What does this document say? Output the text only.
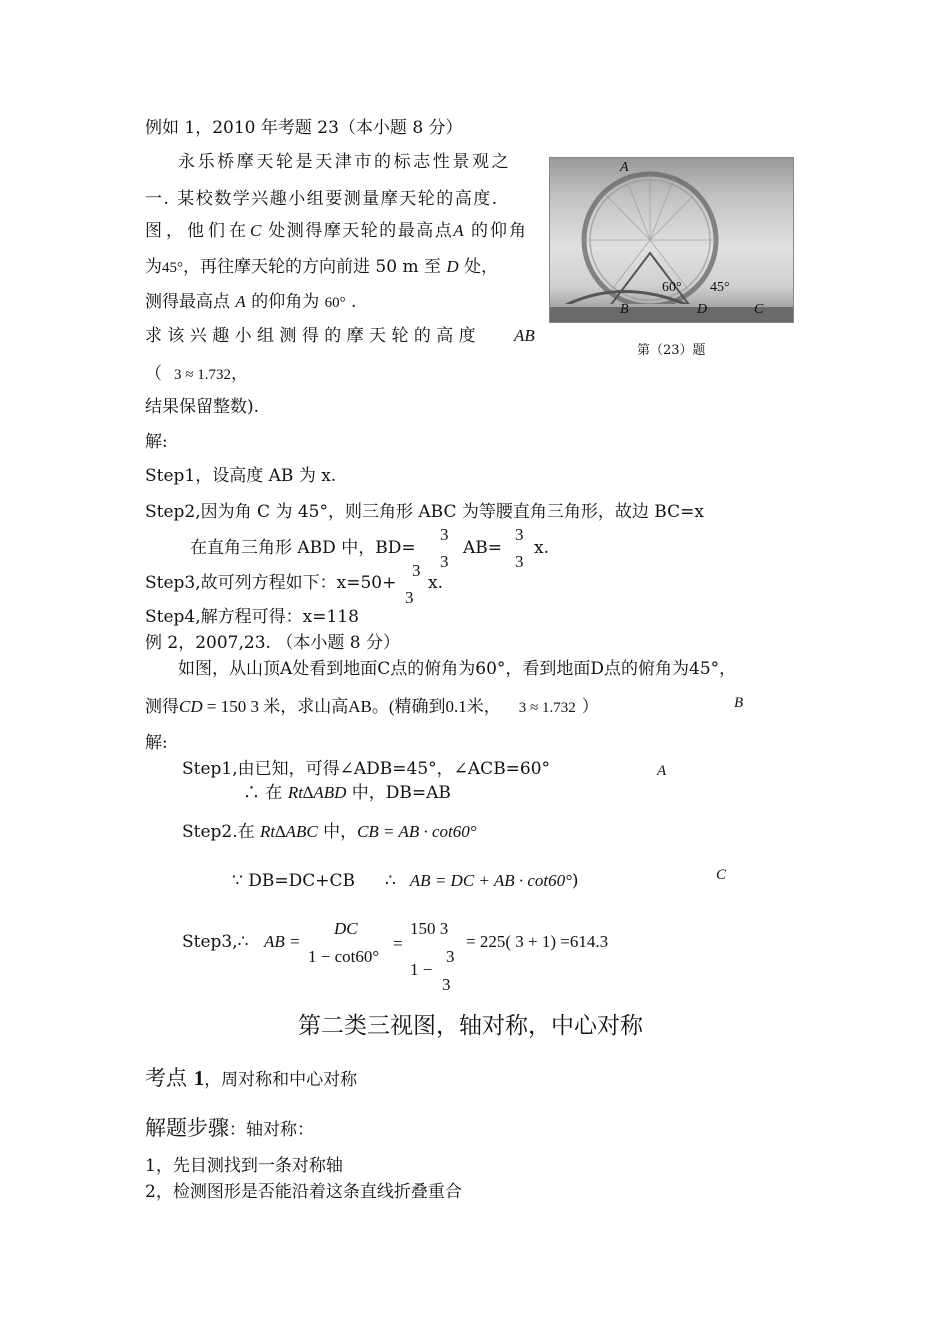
例如 1，2010 年考题 23（本小题 8 分）
永乐桥摩天轮是天津市的标志性景观之
一. 某校数学兴趣小组要测量摩天轮的高度.
图，他们在C 处测得摩天轮的最高点A 的仰角
为45°，再往摩天轮的方向前进 50 m 至 D 处，
测得最高点 A 的仰角为 60° .
求 该 兴 趣 小 组 测 得 的 摩 天 轮 的 高 度 AB
（ 3 ≈ 1.732，
结果保留整数).
A
60° 45°
B	D	C
第（23）题
解:
Step1，设高度 AB 为 x.
Step2,因为角 C 为 45°，则三角形 ABC 为等腰直角三角形，故边 BC=x
在直角三角形 ABD 中，BD=
3
3
AB=
3
3
x.
Step3,故可列方程如下：x=50+
3
3
x.
Step4,解方程可得：x=118
例 2，2007,23. （本小题 8 分）
如图，从山顶A处看到地面C点的俯角为60°，看到地面D点的俯角为45°，
测得CD = 150 3 米，求山高AB。(精确到0.1米， 3 ≈ 1.732 ）	B
解:
Step1,由已知，可得∠ADB=45°，∠ACB=60°	A
∴ 在 Rt∆ABD 中，DB=AB
Step2.在 Rt∆ABC 中，CB = AB · cot60°
∵ DB=DC+CB ∴ AB = DC + AB · cot60°)	C
Step3,∴ AB =
DC
1 − cot60°
=
150 3
3
1 −
3
= 225( 3 + 1) =614.3
第二类三视图，轴对称，中心对称
考点 1，周对称和中心对称
解题步骤：轴对称：
1，先目测找到一条对称轴
2，检测图形是否能沿着这条直线折叠重合
